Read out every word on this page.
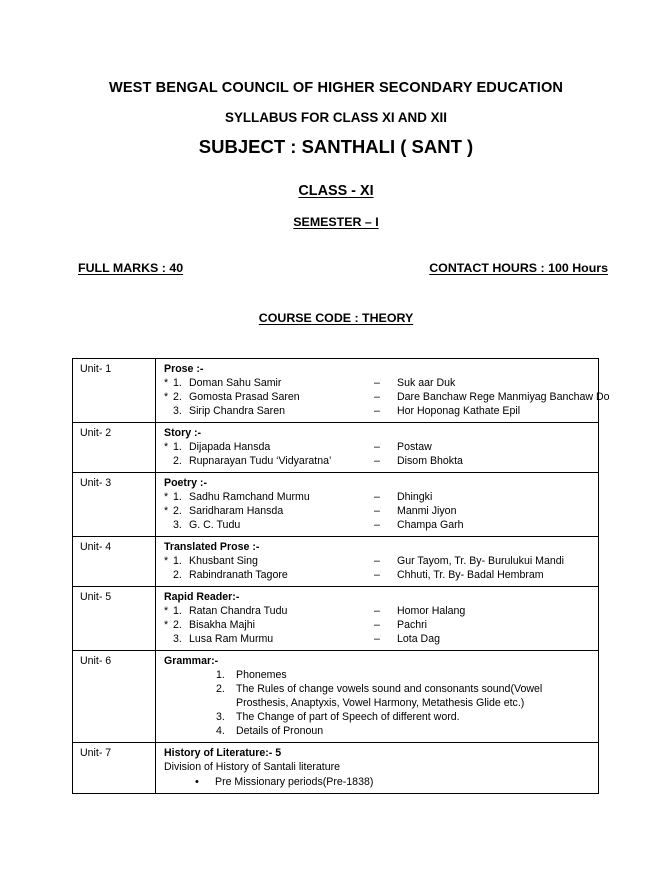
WEST BENGAL COUNCIL OF HIGHER SECONDARY EDUCATION
SYLLABUS FOR CLASS XI AND XII
SUBJECT : SANTHALI ( SANT )
CLASS - XI
SEMESTER – I
FULL MARKS : 40	CONTACT HOURS : 100 Hours
COURSE CODE : THEORY
Unit- 1	Prose :-
* 1. Doman Sahu Samir	–	Suk aar Duk
* 2. Gomosta Prasad Saren	–	Dare Banchaw Rege Manmiyag Banchaw Do
3. Sirip Chandra Saren	–	Hor Hoponag Kathate Epil

Unit- 2	Story :-
* 1. Dijapada Hansda	–	Postaw
2. Rupnarayan Tudu ‘Vidyaratna’	–	Disom Bhokta

Unit- 3	Poetry :-
* 1. Sadhu Ramchand Murmu	–	Dhingki
* 2. Saridharam Hansda	–	Manmi Jiyon
3. G. C. Tudu	–	Champa Garh

Unit- 4	Translated Prose :-
* 1. Khusbant Sing	–	Gur Tayom, Tr. By- Burulukui Mandi
2. Rabindranath Tagore	–	Chhuti, Tr. By- Badal Hembram

Unit- 5	Rapid Reader:-
* 1. Ratan Chandra Tudu	–	Homor Halang
* 2. Bisakha Majhi	–	Pachri
3. Lusa Ram Murmu	–	Lota Dag

Unit- 6	Grammar:-
1.	Phonemes
2.	The Rules of change vowels sound and consonants sound(Vowel
Prosthesis, Anaptyxis, Vowel Harmony, Metathesis Glide etc.)
3.	The Change of part of Speech of different word.
4.	Details of Pronoun

Unit- 7	History of Literature:- 5
Division of History of Santali literature
• Pre Missionary periods(Pre-1838)
